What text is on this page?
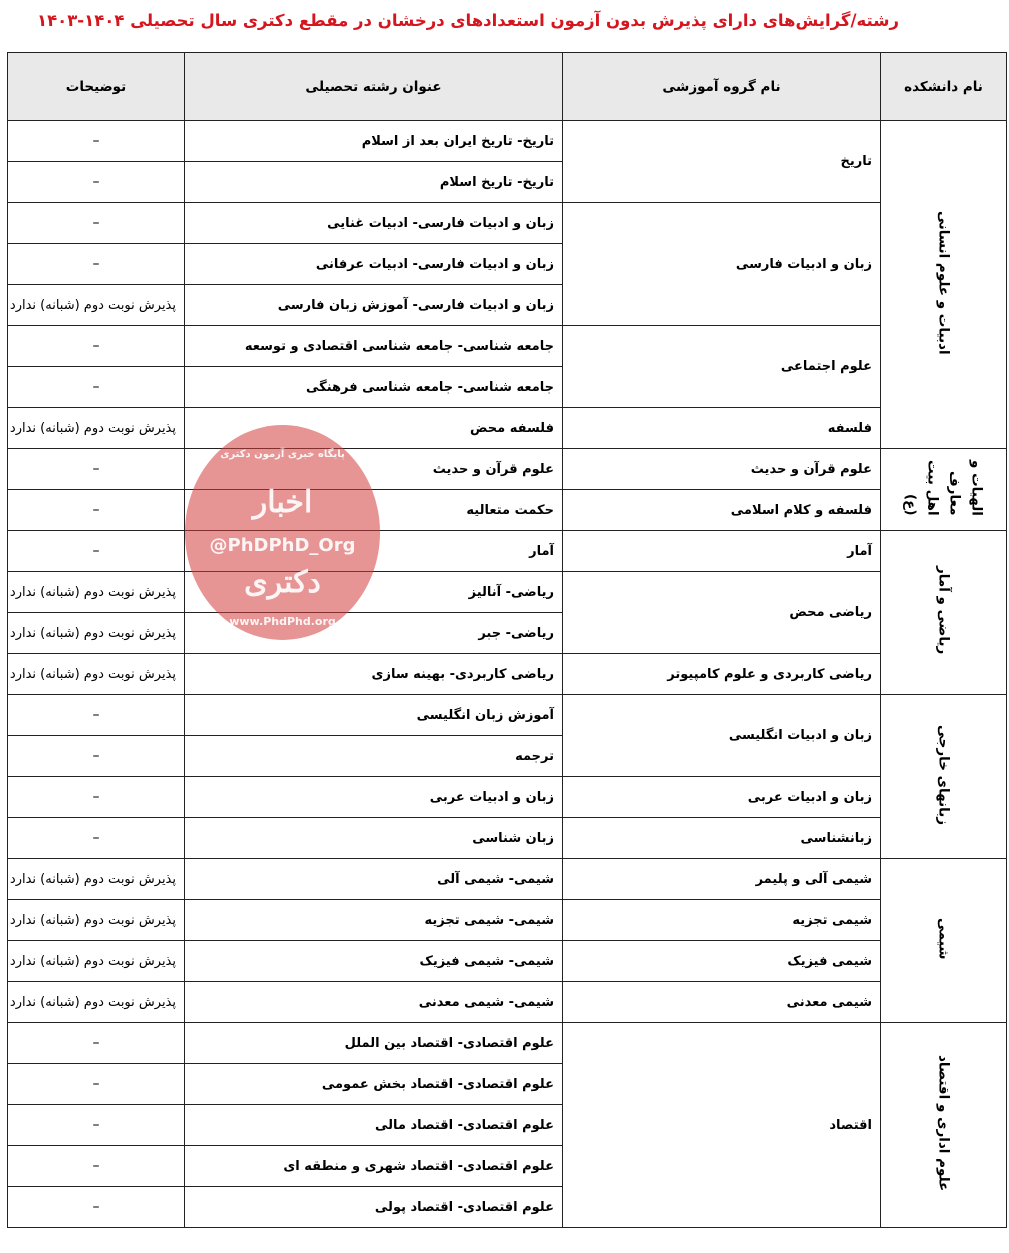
رشته/گرایش‌های دارای پذیرش بدون آزمون استعدادهای درخشان در مقطع دکتری سال تحصیلی ۱۴۰۴-۱۴۰۳
نام دانشکده	نام گروه آموزشی	عنوان رشته تحصیلی	توضیحات
ادبیات و علوم انسانی	تاریخ	تاریخ- تاریخ ایران بعد از اسلام	–
		تاریخ- تاریخ اسلام	–
	زبان و ادبیات فارسی	زبان و ادبیات فارسی- ادبیات غنایی	–
		زبان و ادبیات فارسی- ادبیات عرفانی	–
		زبان و ادبیات فارسی- آموزش زبان فارسی	پذیرش نوبت دوم (شبانه) ندارد
	علوم اجتماعی	جامعه شناسی- جامعه شناسی اقتصادی و توسعه	–
		جامعه شناسی- جامعه شناسی فرهنگی	–
	فلسفه	فلسفه محض	پذیرش نوبت دوم (شبانه) ندارد
الهیات ومعارفاهل بیت(ع)	علوم قرآن و حدیث	علوم قرآن و حدیث	–
	فلسفه و کلام اسلامی	حکمت متعالیه	–
ریاضی و آمار	آمار	آمار	–
	ریاضی محض	ریاضی- آنالیز	پذیرش نوبت دوم (شبانه) ندارد
		ریاضی- جبر	پذیرش نوبت دوم (شبانه) ندارد
	ریاضی کاربردی و علوم کامپیوتر	ریاضی کاربردی- بهینه سازی	پذیرش نوبت دوم (شبانه) ندارد
زبانهای خارجی	زبان و ادبیات انگلیسی	آموزش زبان انگلیسی	–
		ترجمه	–
	زبان و ادبیات عربی	زبان و ادبیات عربی	–
	زبانشناسی	زبان شناسی	–
شیمی	شیمی آلی و پلیمر	شیمی- شیمی آلی	پذیرش نوبت دوم (شبانه) ندارد
	شیمی تجزیه	شیمی- شیمی تجزیه	پذیرش نوبت دوم (شبانه) ندارد
	شیمی فیزیک	شیمی- شیمی فیزیک	پذیرش نوبت دوم (شبانه) ندارد
	شیمی معدنی	شیمی- شیمی معدنی	پذیرش نوبت دوم (شبانه) ندارد
علوم اداری و اقتصاد	اقتصاد	علوم اقتصادی- اقتصاد بین الملل	–
		علوم اقتصادی- اقتصاد بخش عمومی	–
		علوم اقتصادی- اقتصاد مالی	–
		علوم اقتصادی- اقتصاد شهری و منطقه ای	–
		علوم اقتصادی- اقتصاد پولی	–
پایگاه خبری آزمون دکتری
اخبار
@PhDPhD_Org
دکتری
www.PhdPhd.org
